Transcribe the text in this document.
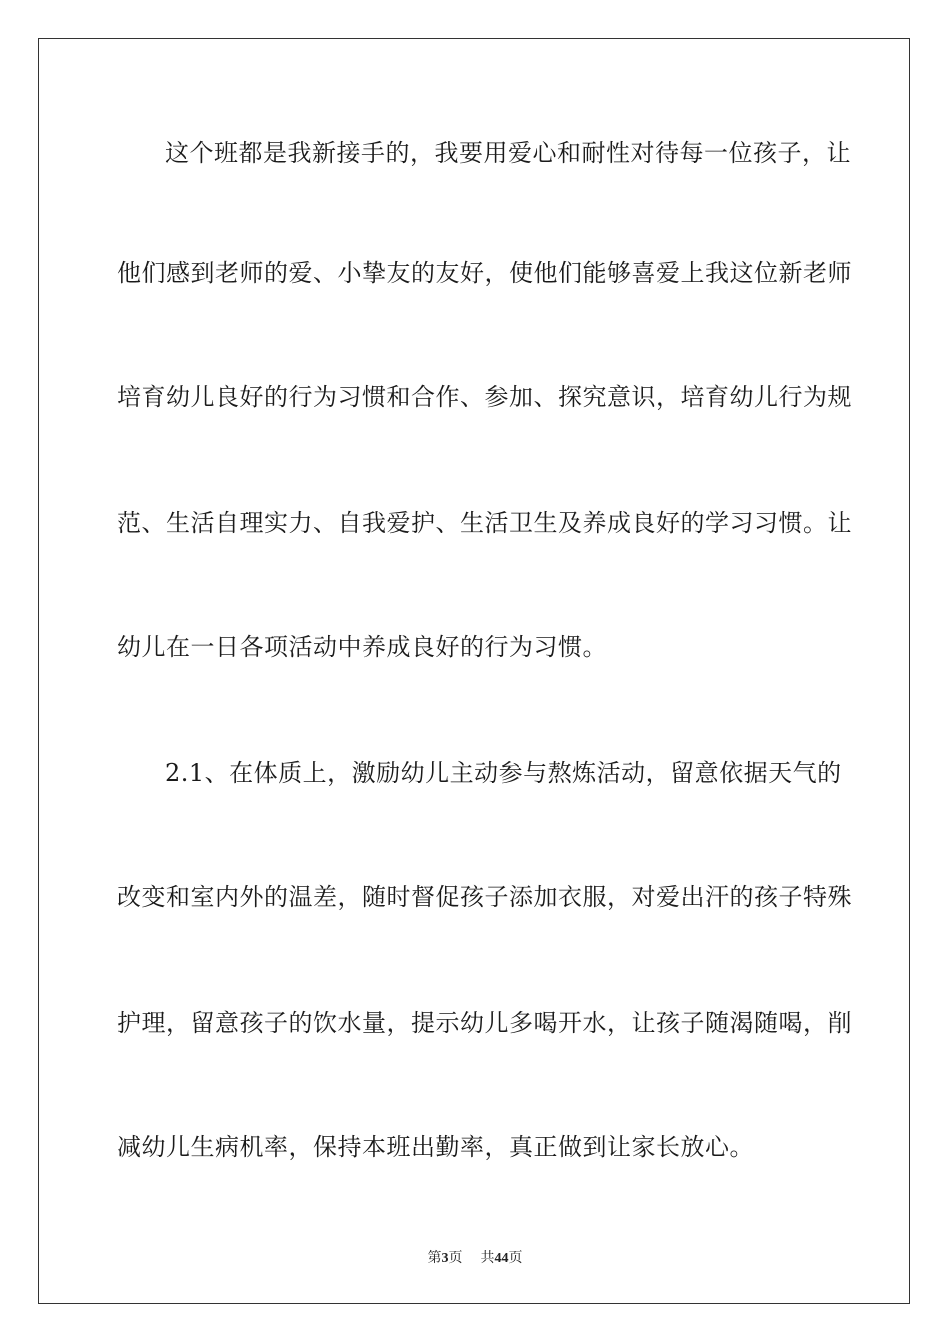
这个班都是我新接手的，我要用爱心和耐性对待每一位孩子，让
他们感到老师的爱、小挚友的友好，使他们能够喜爱上我这位新老师
培育幼儿良好的行为习惯和合作、参加、探究意识，培育幼儿行为规
范、生活自理实力、自我爱护、生活卫生及养成良好的学习习惯。让
幼儿在一日各项活动中养成良好的行为习惯。
2.1、在体质上，激励幼儿主动参与熬炼活动，留意依据天气的
改变和室内外的温差，随时督促孩子添加衣服，对爱出汗的孩子特殊
护理，留意孩子的饮水量，提示幼儿多喝开水，让孩子随渴随喝，削
减幼儿生病机率，保持本班出勤率，真正做到让家长放心。
第3页 共44页
